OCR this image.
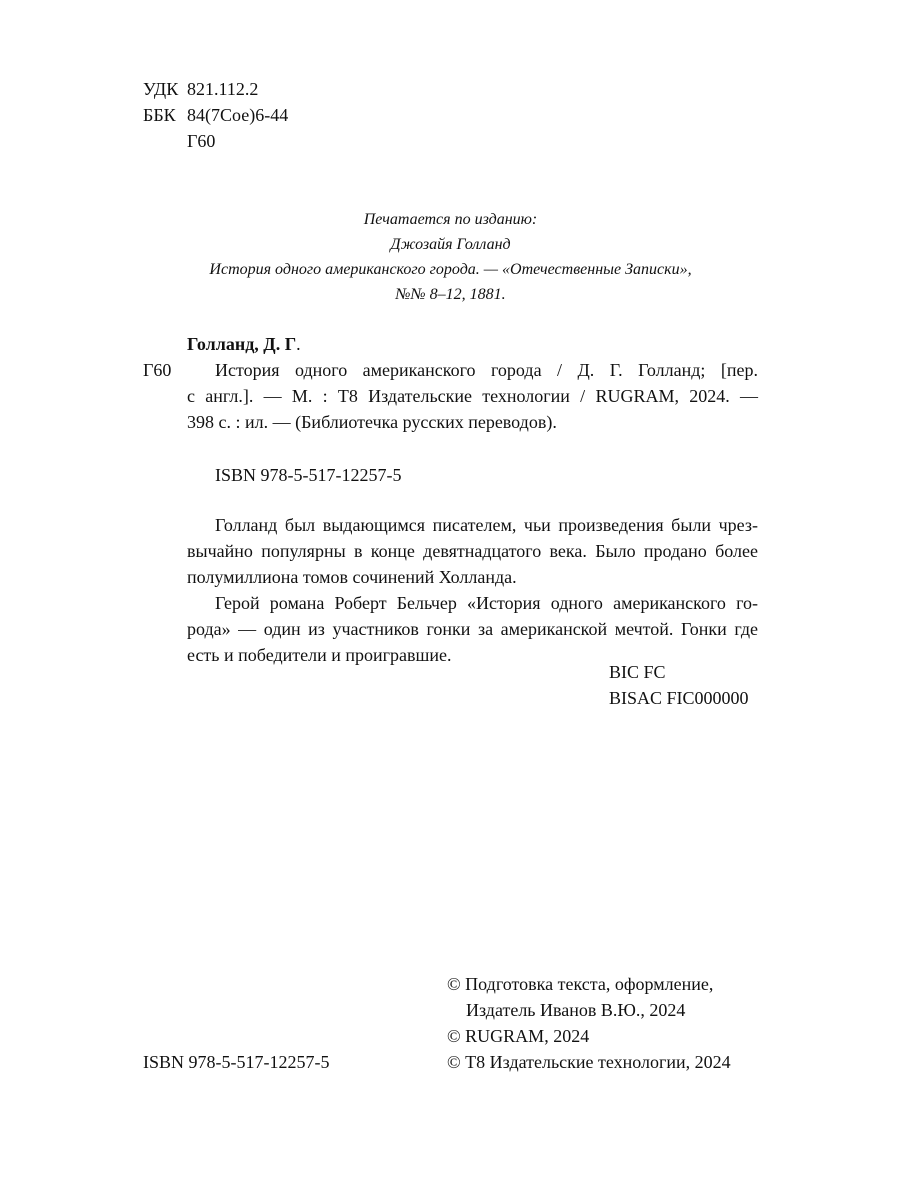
УДК 821.112.2
ББК 84(7Сое)6-44
Г60
Печатается по изданию:
Джозайя Голланд
История одного американского города. — «Отечественные Записки»,
№№ 8–12, 1881.
Голланд, Д. Г.
Г60 История одного американского города / Д. Г. Голланд; [пер.

с англ.]. — М. : Т8 Издательские технологии / RUGRAM, 2024. —

398 с. : ил. — (Библиотечка русских переводов).

ISBN 978-5-517-12257-5

Голланд был выдающимся писателем, чьи произведения были чрез-

вычайно популярны в конце девятнадцатого века. Было продано более

полумиллиона томов сочинений Холланда.

Герой романа Роберт Бельчер «История одного американского го-

рода» — один из участников гонки за американской мечтой. Гонки где

есть и победители и проигравшие.

BIC FC
BISAC FIC000000
© Подготовка текста, оформление,
Издатель Иванов В.Ю., 2024
© RUGRAM, 2024
© Т8 Издательские технологии, 2024
ISBN 978-5-517-12257-5
